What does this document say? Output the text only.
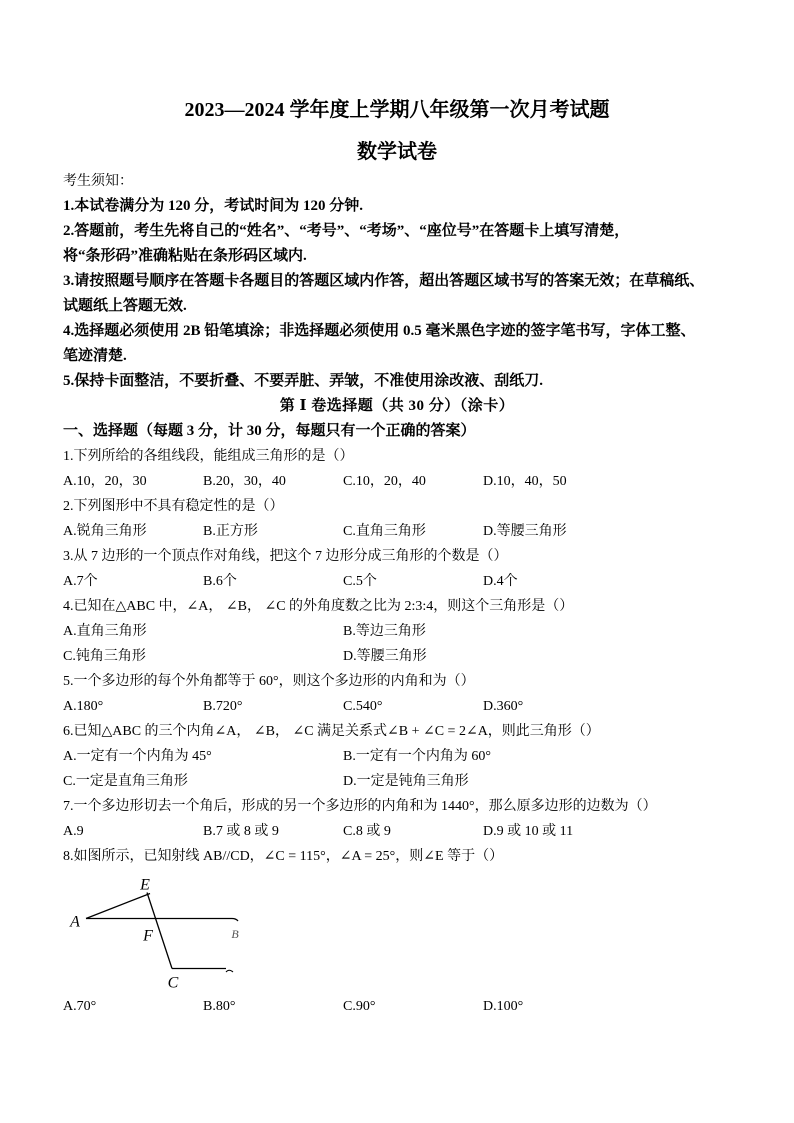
2023—2024 学年度上学期八年级第一次月考试题
数学试卷
考生须知：
1.本试卷满分为 120 分，考试时间为 120 分钟.
2.答题前，考生先将自己的“姓名”、“考号”、“考场”、“座位号”在答题卡上填写清楚，
将“条形码”准确粘贴在条形码区域内.
3.请按照题号顺序在答题卡各题目的答题区域内作答，超出答题区域书写的答案无效；在草稿纸、
试题纸上答题无效.
4.选择题必须使用 2B 铅笔填涂；非选择题必须使用 0.5 毫米黑色字迹的签字笔书写，字体工整、
笔迹清楚.
5.保持卡面整洁，不要折叠、不要弄脏、弄皱，不准使用涂改液、刮纸刀.
第 Ⅰ 卷选择题（共 30 分）（涂卡）
一、选择题（每题 3 分，计 30 分，每题只有一个正确的答案）
1.下列所给的各组线段，能组成三角形的是（）
A.10，20，30	B.20，30，40	C.10，20，40	D.10，40，50
2.下列图形中不具有稳定性的是（）
A.锐角三角形	B.正方形	C.直角三角形	D.等腰三角形
3.从 7 边形的一个顶点作对角线，把这个 7 边形分成三角形的个数是（）
A.7个	B.6个	C.5个	D.4个
4.已知在△ABC 中，∠A， ∠B， ∠C 的外角度数之比为 2:3:4，则这个三角形是（）
A.直角三角形	B.等边三角形
C.钝角三角形	D.等腰三角形
5.一个多边形的每个外角都等于 60°，则这个多边形的内角和为（）
A.180°	B.720°	C.540°	D.360°
6.已知△ABC 的三个内角∠A， ∠B， ∠C 满足关系式∠B + ∠C = 2∠A，则此三角形（）
A.一定有一个内角为 45°	B.一定有一个内角为 60°
C.一定是直角三角形	D.一定是钝角三角形
7.一个多边形切去一个角后，形成的另一个多边形的内角和为 1440°，那么原多边形的边数为（）
A.9	B.7 或 8 或 9	C.8 或 9	D.9 或 10 或 11
8.如图所示，已知射线 AB//CD，∠C = 115°，∠A = 25°，则∠E 等于（）
E
A
F	B
C
A.70°	B.80°	C.90°	D.100°
